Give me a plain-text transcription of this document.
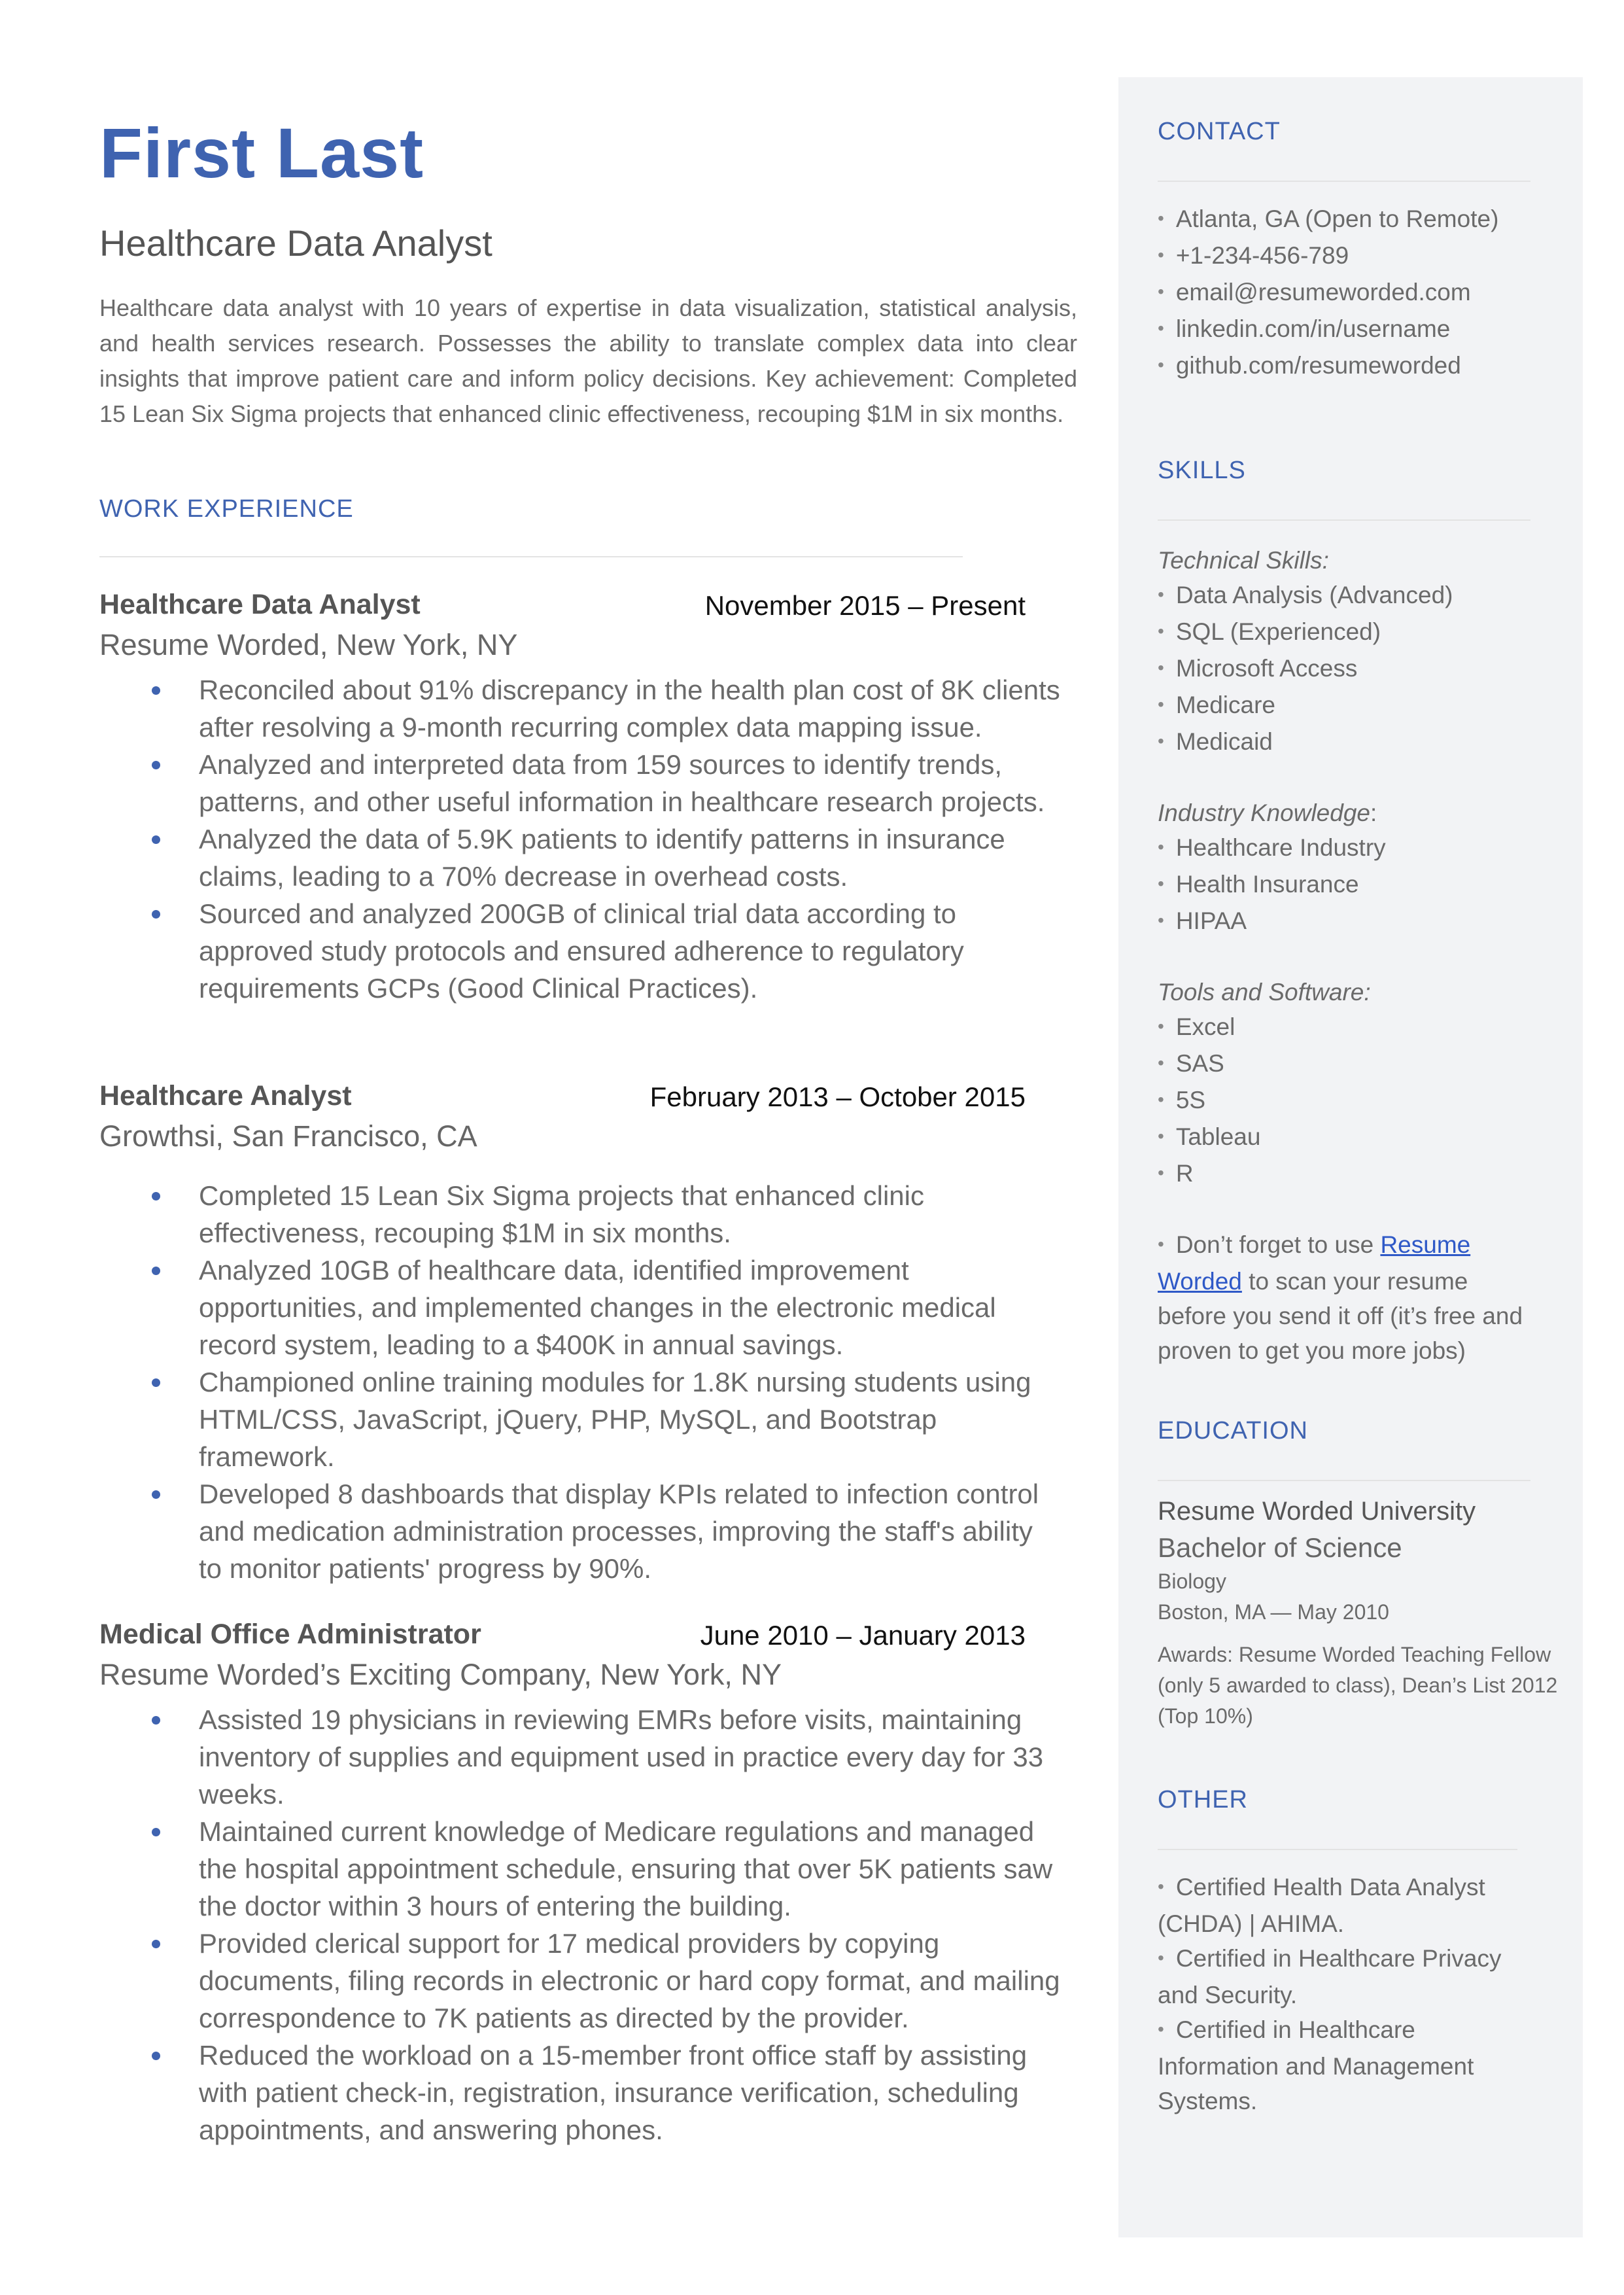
First Last
Healthcare Data Analyst
Healthcare data analyst with 10 years of expertise in data visualization, statistical analysis, and health services research. Possesses the ability to translate complex data into clear insights that improve patient care and inform policy decisions. Key achievement: Completed 15 Lean Six Sigma projects that enhanced clinic effectiveness, recouping $1M in six months.
WORK EXPERIENCE
Healthcare Data Analyst	November 2015 – Present
Resume Worded, New York, NY
Reconciled about 91% discrepancy in the health plan cost of 8K clients after resolving a 9-month recurring complex data mapping issue.
Analyzed and interpreted data from 159 sources to identify trends, patterns, and other useful information in healthcare research projects.
Analyzed the data of 5.9K patients to identify patterns in insurance claims, leading to a 70% decrease in overhead costs.
Sourced and analyzed 200GB of clinical trial data according to approved study protocols and ensured adherence to regulatory requirements GCPs (Good Clinical Practices).
Healthcare Analyst	February 2013 – October 2015
Growthsi, San Francisco, CA
Completed 15 Lean Six Sigma projects that enhanced clinic effectiveness, recouping $1M in six months.
Analyzed 10GB of healthcare data, identified improvement opportunities, and implemented changes in the electronic medical record system, leading to a $400K in annual savings.
Championed online training modules for 1.8K nursing students using HTML/CSS, JavaScript, jQuery, PHP, MySQL, and Bootstrap framework.
Developed 8 dashboards that display KPIs related to infection control and medication administration processes, improving the staff's ability to monitor patients' progress by 90%.
Medical Office Administrator	June 2010 – January 2013
Resume Worded’s Exciting Company, New York, NY
Assisted 19 physicians in reviewing EMRs before visits, maintaining inventory of supplies and equipment used in practice every day for 33 weeks.
Maintained current knowledge of Medicare regulations and managed the hospital appointment schedule, ensuring that over 5K patients saw the doctor within 3 hours of entering the building.
Provided clerical support for 17 medical providers by copying documents, filing records in electronic or hard copy format, and mailing correspondence to 7K patients as directed by the provider.
Reduced the workload on a 15-member front office staff by assisting with patient check-in, registration, insurance verification, scheduling appointments, and answering phones.
CONTACT
• Atlanta, GA (Open to Remote)
• +1-234-456-789
• email@resumeworded.com
• linkedin.com/in/username
• github.com/resumeworded
SKILLS
Technical Skills:
• Data Analysis (Advanced)
• SQL (Experienced)
• Microsoft Access
• Medicare
• Medicaid
Industry Knowledge:
• Healthcare Industry
• Health Insurance
• HIPAA
Tools and Software:
• Excel
• SAS
• 5S
• Tableau
• R
• Don’t forget to use Resume Worded to scan your resume before you send it off (it’s free and proven to get you more jobs)
EDUCATION
Resume Worded University
Bachelor of Science
Biology
Boston, MA — May 2010
Awards: Resume Worded Teaching Fellow (only 5 awarded to class), Dean’s List 2012 (Top 10%)
OTHER
• Certified Health Data Analyst (CHDA) | AHIMA.
• Certified in Healthcare Privacy and Security.
• Certified in Healthcare Information and Management Systems.
